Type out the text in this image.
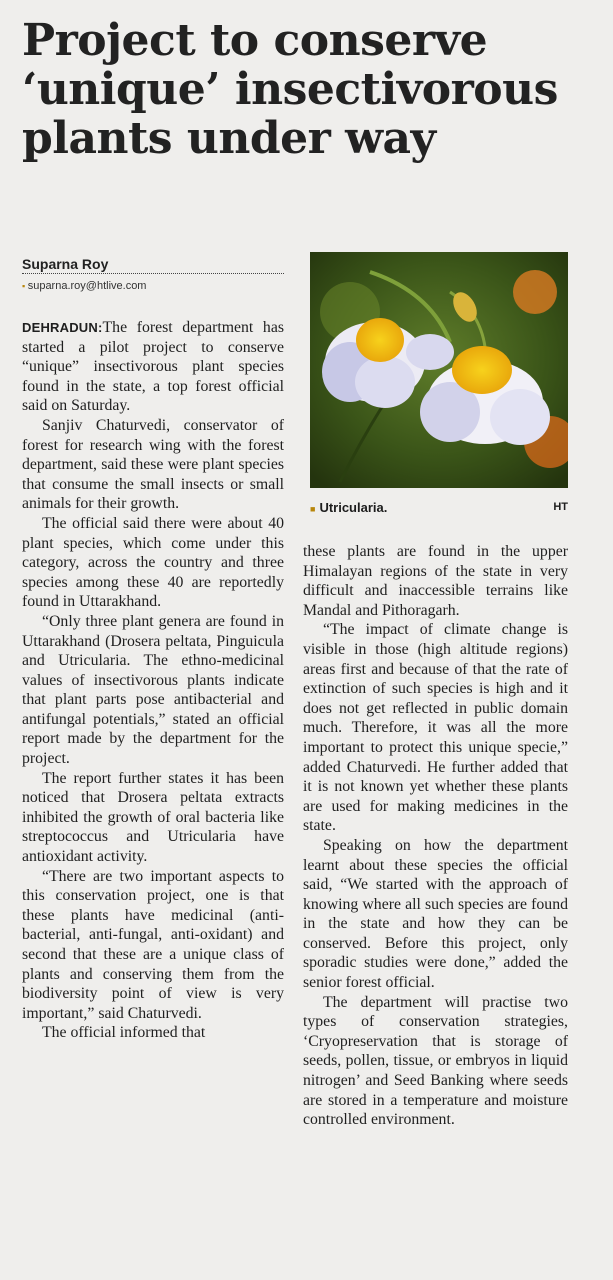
Project to conserve
‘unique’ insectivorous
plants under way
Suparna Roy
▪ suparna.roy@htlive.com
■ Utricularia.	HT

DEHRADUN:The forest department has started a pilot project to conserve “unique” insectivorous plant species found in the state, a top forest official said on Saturday.

Sanjiv Chaturvedi, conservator of forest for research wing with the forest department, said these were plant species that consume the small insects or small animals for their growth.

The official said there were about 40 plant species, which come under this category, across the country and three species among these 40 are reportedly found in Uttarakhand.

“Only three plant genera are found in Uttarakhand (Drosera peltata, Pinguicula and Utricularia. The ethno-medicinal values of insectivorous plants indicate that plant parts pose antibacterial and antifungal potentials,” stated an official report made by the department for the project.

The report further states it has been noticed that Drosera peltata extracts inhibited the growth of oral bacteria like streptococcus and Utricularia have antioxidant activity.

“There are two important aspects to this conservation project, one is that these plants have medicinal (anti-bacterial, anti-fungal, anti-oxidant) and second that these are a unique class of plants and conserving them from the biodiversity point of view is very important,” said Chaturvedi.

The official informed that

these plants are found in the upper Himalayan regions of the state in very difficult and inaccessible terrains like Mandal and Pithoragarh.

“The impact of climate change is visible in those (high altitude regions) areas first and because of that the rate of extinction of such species is high and it does not get reflected in public domain much. Therefore, it was all the more important to protect this unique specie,” added Chaturvedi. He further added that it is not known yet whether these plants are used for making medicines in the state.

Speaking on how the department learnt about these species the official said, “We started with the approach of knowing where all such species are found in the state and how they can be conserved. Before this project, only sporadic studies were done,” added the senior forest official.

The department will practise two types of conservation strategies, ‘Cryopreservation that is storage of seeds, pollen, tissue, or embryos in liquid nitrogen’ and Seed Banking where seeds are stored in a temperature and moisture controlled environment.
